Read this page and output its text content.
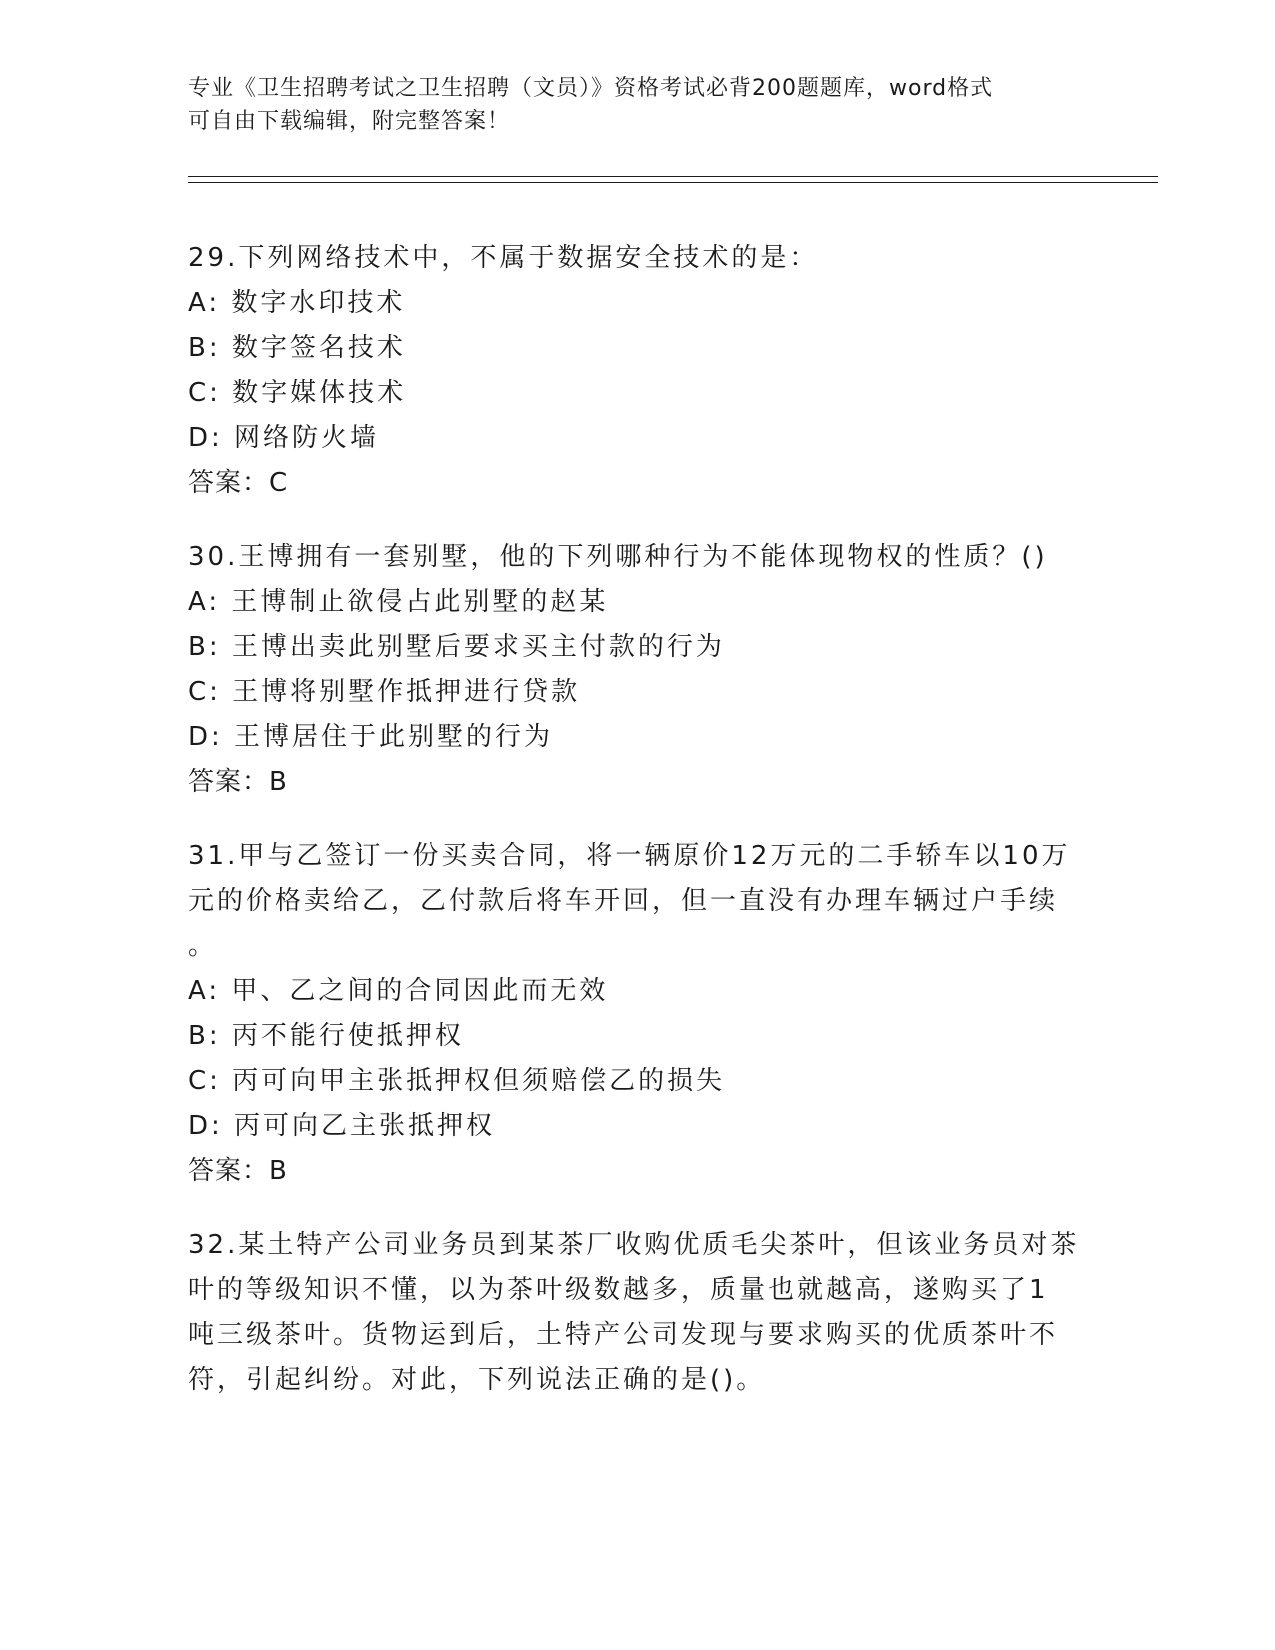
专业《卫生招聘考试之卫生招聘（文员）》资格考试必背200题题库，word格式
可自由下载编辑，附完整答案！
29.下列网络技术中，不属于数据安全技术的是：
A: 数字水印技术
B: 数字签名技术
C: 数字媒体技术
D: 网络防火墙
答案：C
30.王博拥有一套别墅，他的下列哪种行为不能体现物权的性质？()
A: 王博制止欲侵占此别墅的赵某
B: 王博出卖此别墅后要求买主付款的行为
C: 王博将别墅作抵押进行贷款
D: 王博居住于此别墅的行为
答案：B
31.甲与乙签订一份买卖合同，将一辆原价12万元的二手轿车以10万
元的价格卖给乙，乙付款后将车开回，但一直没有办理车辆过户手续
。
A: 甲、乙之间的合同因此而无效
B: 丙不能行使抵押权
C: 丙可向甲主张抵押权但须赔偿乙的损失
D: 丙可向乙主张抵押权
答案：B
32.某土特产公司业务员到某茶厂收购优质毛尖茶叶，但该业务员对茶
叶的等级知识不懂，以为茶叶级数越多，质量也就越高，遂购买了1
吨三级茶叶。货物运到后，土特产公司发现与要求购买的优质茶叶不
符，引起纠纷。对此，下列说法正确的是()。
